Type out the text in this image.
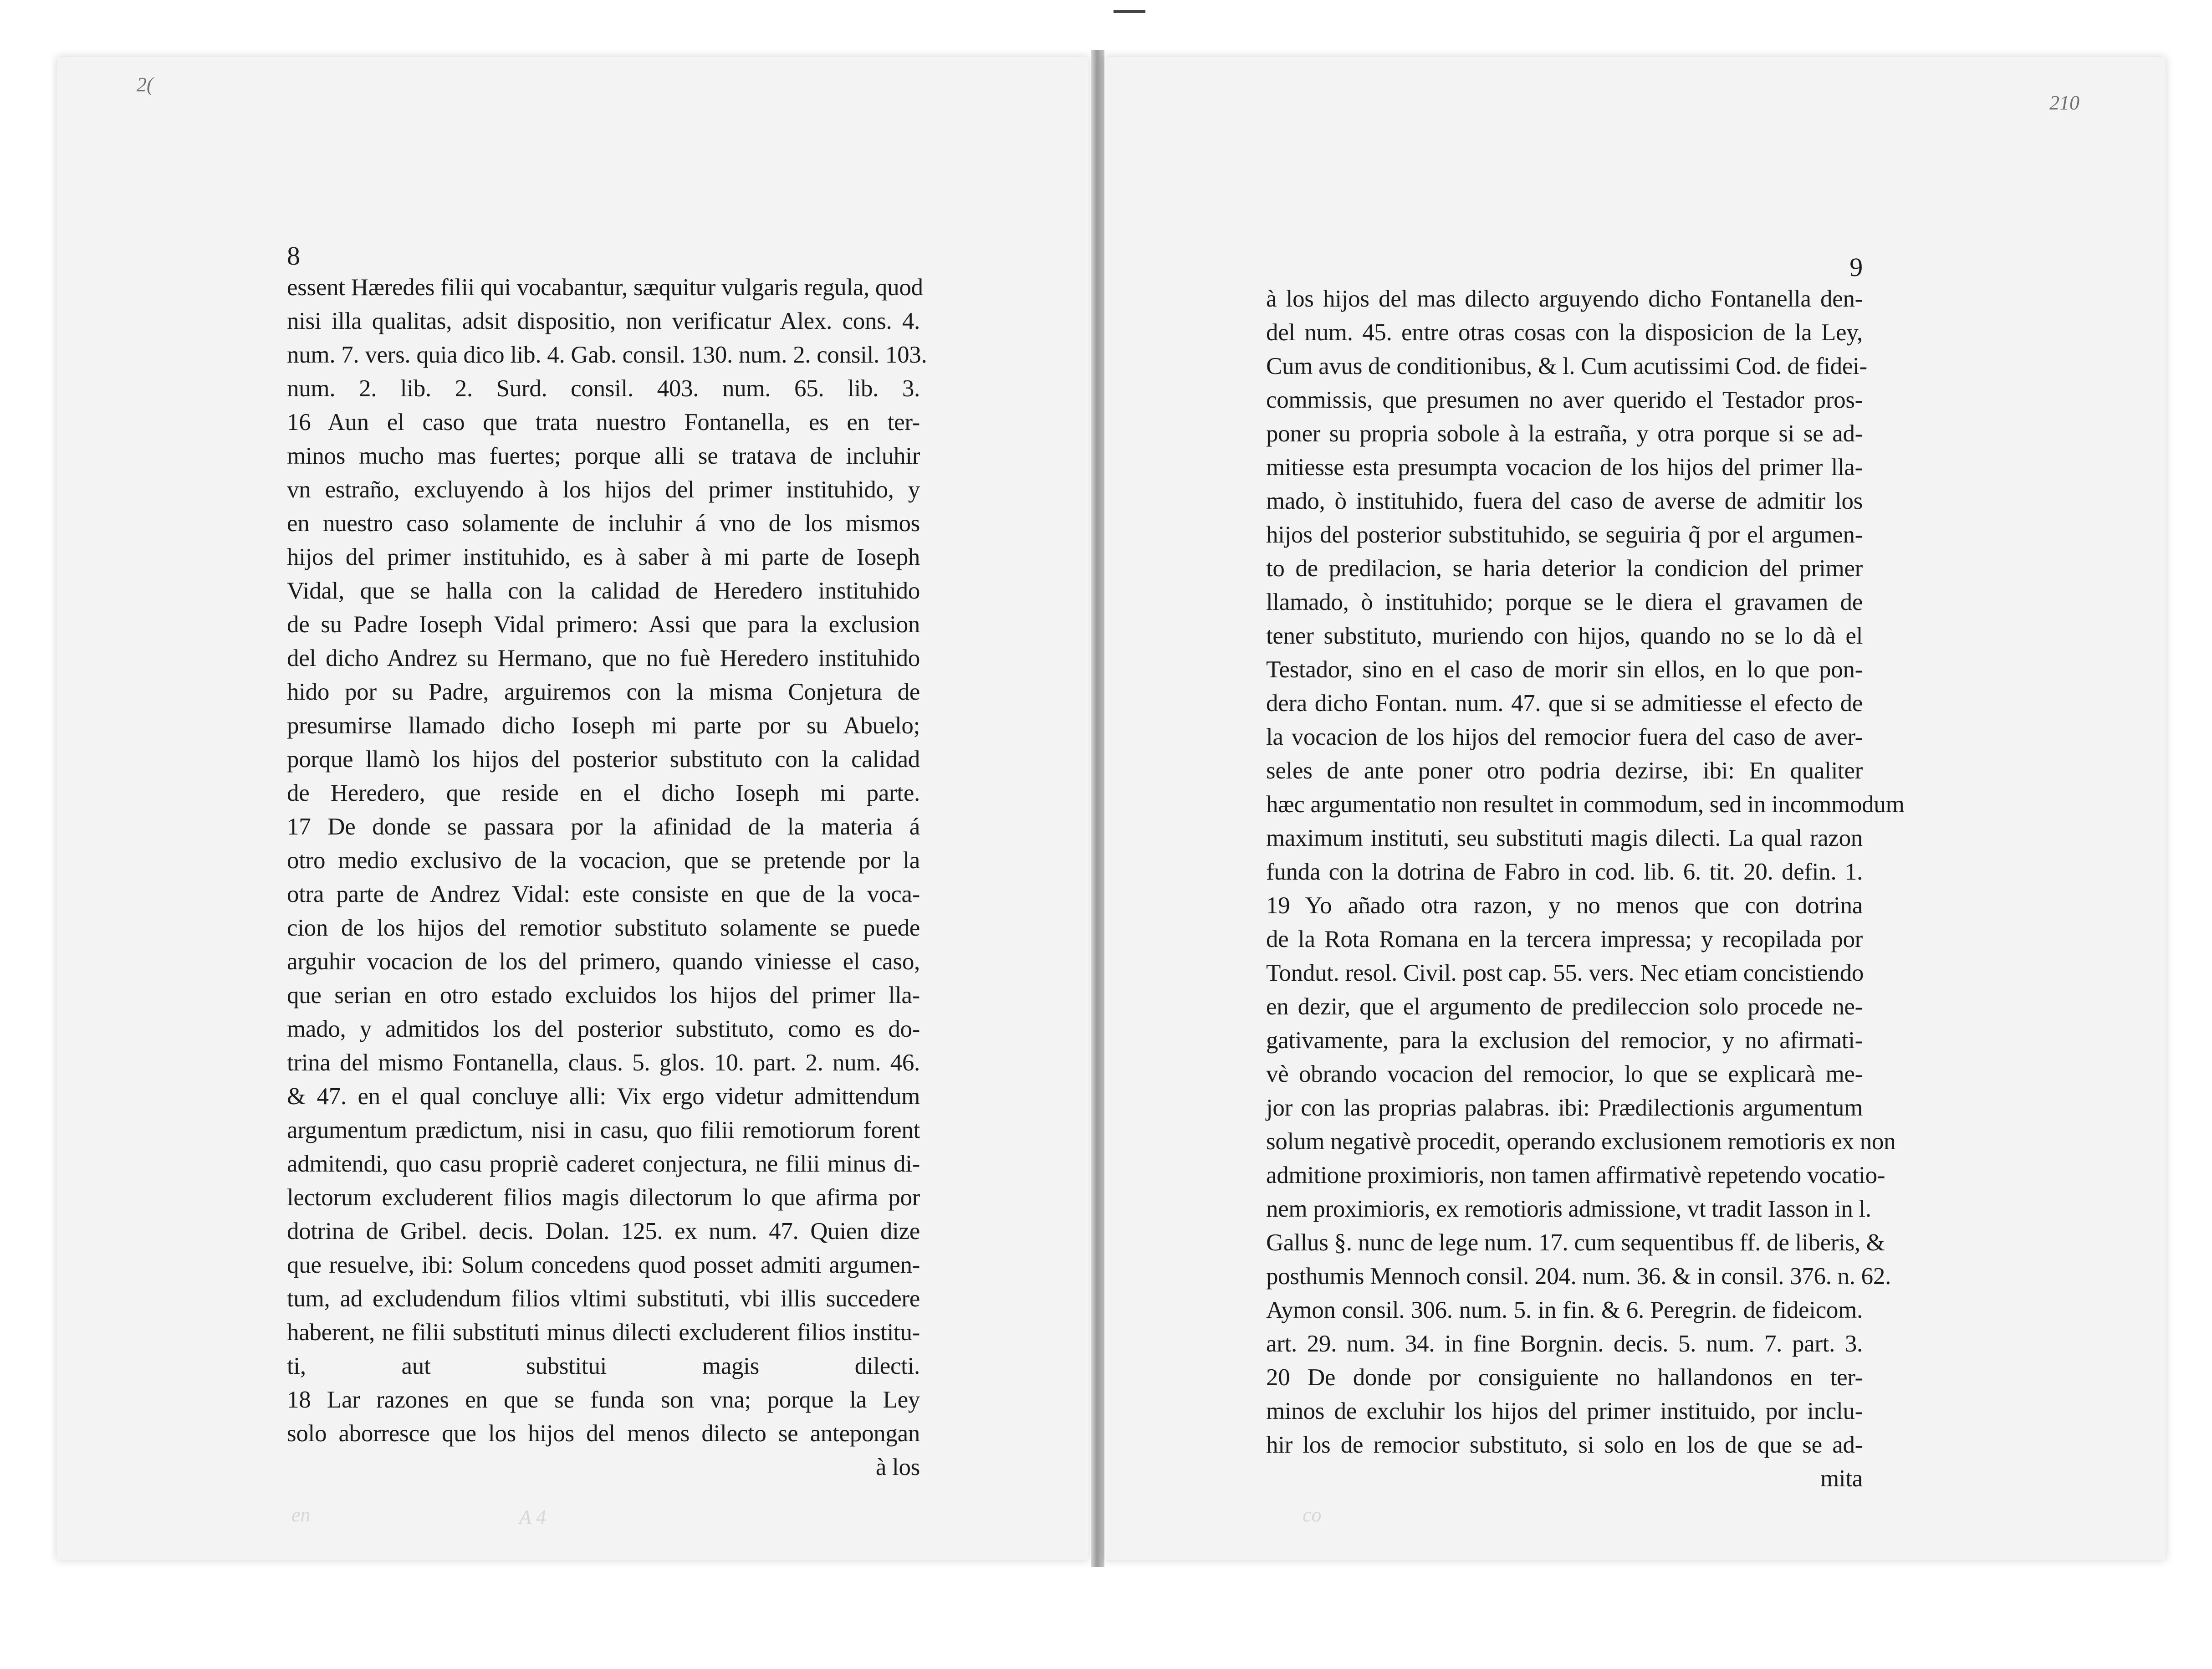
2(
210
8
essent Hæredes filii qui vocabantur, sæquitur vulgaris regula, quod
nisi illa qualitas, adsit dispositio, non verificatur Alex. cons. 4.
num. 7. vers. quia dico lib. 4. Gab. consil. 130. num. 2. consil. 103.
num. 2. lib. 2. Surd. consil. 403. num. 65. lib. 3.
16 Aun el caso que trata nuestro Fontanella, es en ter-
minos mucho mas fuertes; porque alli se tratava de incluhir
vn estraño, excluyendo à los hijos del primer instituhido, y
en nuestro caso solamente de incluhir á vno de los mismos
hijos del primer instituhido, es à saber à mi parte de Ioseph
Vidal, que se halla con la calidad de Heredero instituhido
de su Padre Ioseph Vidal primero: Assi que para la exclusion
del dicho Andrez su Hermano, que no fuè Heredero instituhido
hido por su Padre, arguiremos con la misma Conjetura de
presumirse llamado dicho Ioseph mi parte por su Abuelo;
porque llamò los hijos del posterior substituto con la calidad
de Heredero, que reside en el dicho Ioseph mi parte.
17 De donde se passara por la afinidad de la materia á
otro medio exclusivo de la vocacion, que se pretende por la
otra parte de Andrez Vidal: este consiste en que de la voca-
cion de los hijos del remotior substituto solamente se puede
arguhir vocacion de los del primero, quando viniesse el caso,
que serian en otro estado excluidos los hijos del primer lla-
mado, y admitidos los del posterior substituto, como es do-
trina del mismo Fontanella, claus. 5. glos. 10. part. 2. num. 46.
& 47. en el qual concluye alli: Vix ergo videtur admittendum
argumentum prædictum, nisi in casu, quo filii remotiorum forent
admitendi, quo casu propriè caderet conjectura, ne filii minus di-
lectorum excluderent filios magis dilectorum lo que afirma por
dotrina de Gribel. decis. Dolan. 125. ex num. 47. Quien dize
que resuelve, ibi: Solum concedens quod posset admiti argumen-
tum, ad excludendum filios vltimi substituti, vbi illis succedere
haberent, ne filii substituti minus dilecti excluderent filios institu-
ti, aut substitui magis dilecti.
18 Lar razones en que se funda son vna; porque la Ley
solo aborresce que los hijos del menos dilecto se antepongan
à los
9
à los hijos del mas dilecto arguyendo dicho Fontanella den-
del num. 45. entre otras cosas con la disposicion de la Ley,
Cum avus de conditionibus, & l. Cum acutissimi Cod. de fidei-
commissis, que presumen no aver querido el Testador pros-
poner su propria sobole à la estraña, y otra porque si se ad-
mitiesse esta presumpta vocacion de los hijos del primer lla-
mado, ò instituhido, fuera del caso de averse de admitir los
hijos del posterior substituhido, se seguiria q̃ por el argumen-
to de predilacion, se haria deterior la condicion del primer
llamado, ò instituhido; porque se le diera el gravamen de
tener substituto, muriendo con hijos, quando no se lo dà el
Testador, sino en el caso de morir sin ellos, en lo que pon-
dera dicho Fontan. num. 47. que si se admitiesse el efecto de
la vocacion de los hijos del remocior fuera del caso de aver-
seles de ante poner otro podria dezirse, ibi: En qualiter
hæc argumentatio non resultet in commodum, sed in incommodum
maximum instituti, seu substituti magis dilecti. La qual razon
funda con la dotrina de Fabro in cod. lib. 6. tit. 20. defin. 1.
19 Yo añado otra razon, y no menos que con dotrina
de la Rota Romana en la tercera impressa; y recopilada por
Tondut. resol. Civil. post cap. 55. vers. Nec etiam concistiendo
en dezir, que el argumento de predileccion solo procede ne-
gativamente, para la exclusion del remocior, y no afirmati-
vè obrando vocacion del remocior, lo que se explicarà me-
jor con las proprias palabras. ibi: Prædilectionis argumentum
solum negativè procedit, operando exclusionem remotioris ex non
admitione proximioris, non tamen affirmativè repetendo vocatio-
nem proximioris, ex remotioris admissione, vt tradit Iasson in l.
Gallus §. nunc de lege num. 17. cum sequentibus ff. de liberis, &
posthumis Mennoch consil. 204. num. 36. & in consil. 376. n. 62.
Aymon consil. 306. num. 5. in fin. & 6. Peregrin. de fideicom.
art. 29. num. 34. in fine Borgnin. decis. 5. num. 7. part. 3.
20 De donde por consiguiente no hallandonos en ter-
minos de excluhir los hijos del primer instituido, por inclu-
hir los de remocior substituto, si solo en los de que se ad-
mita
en	A 4	co
